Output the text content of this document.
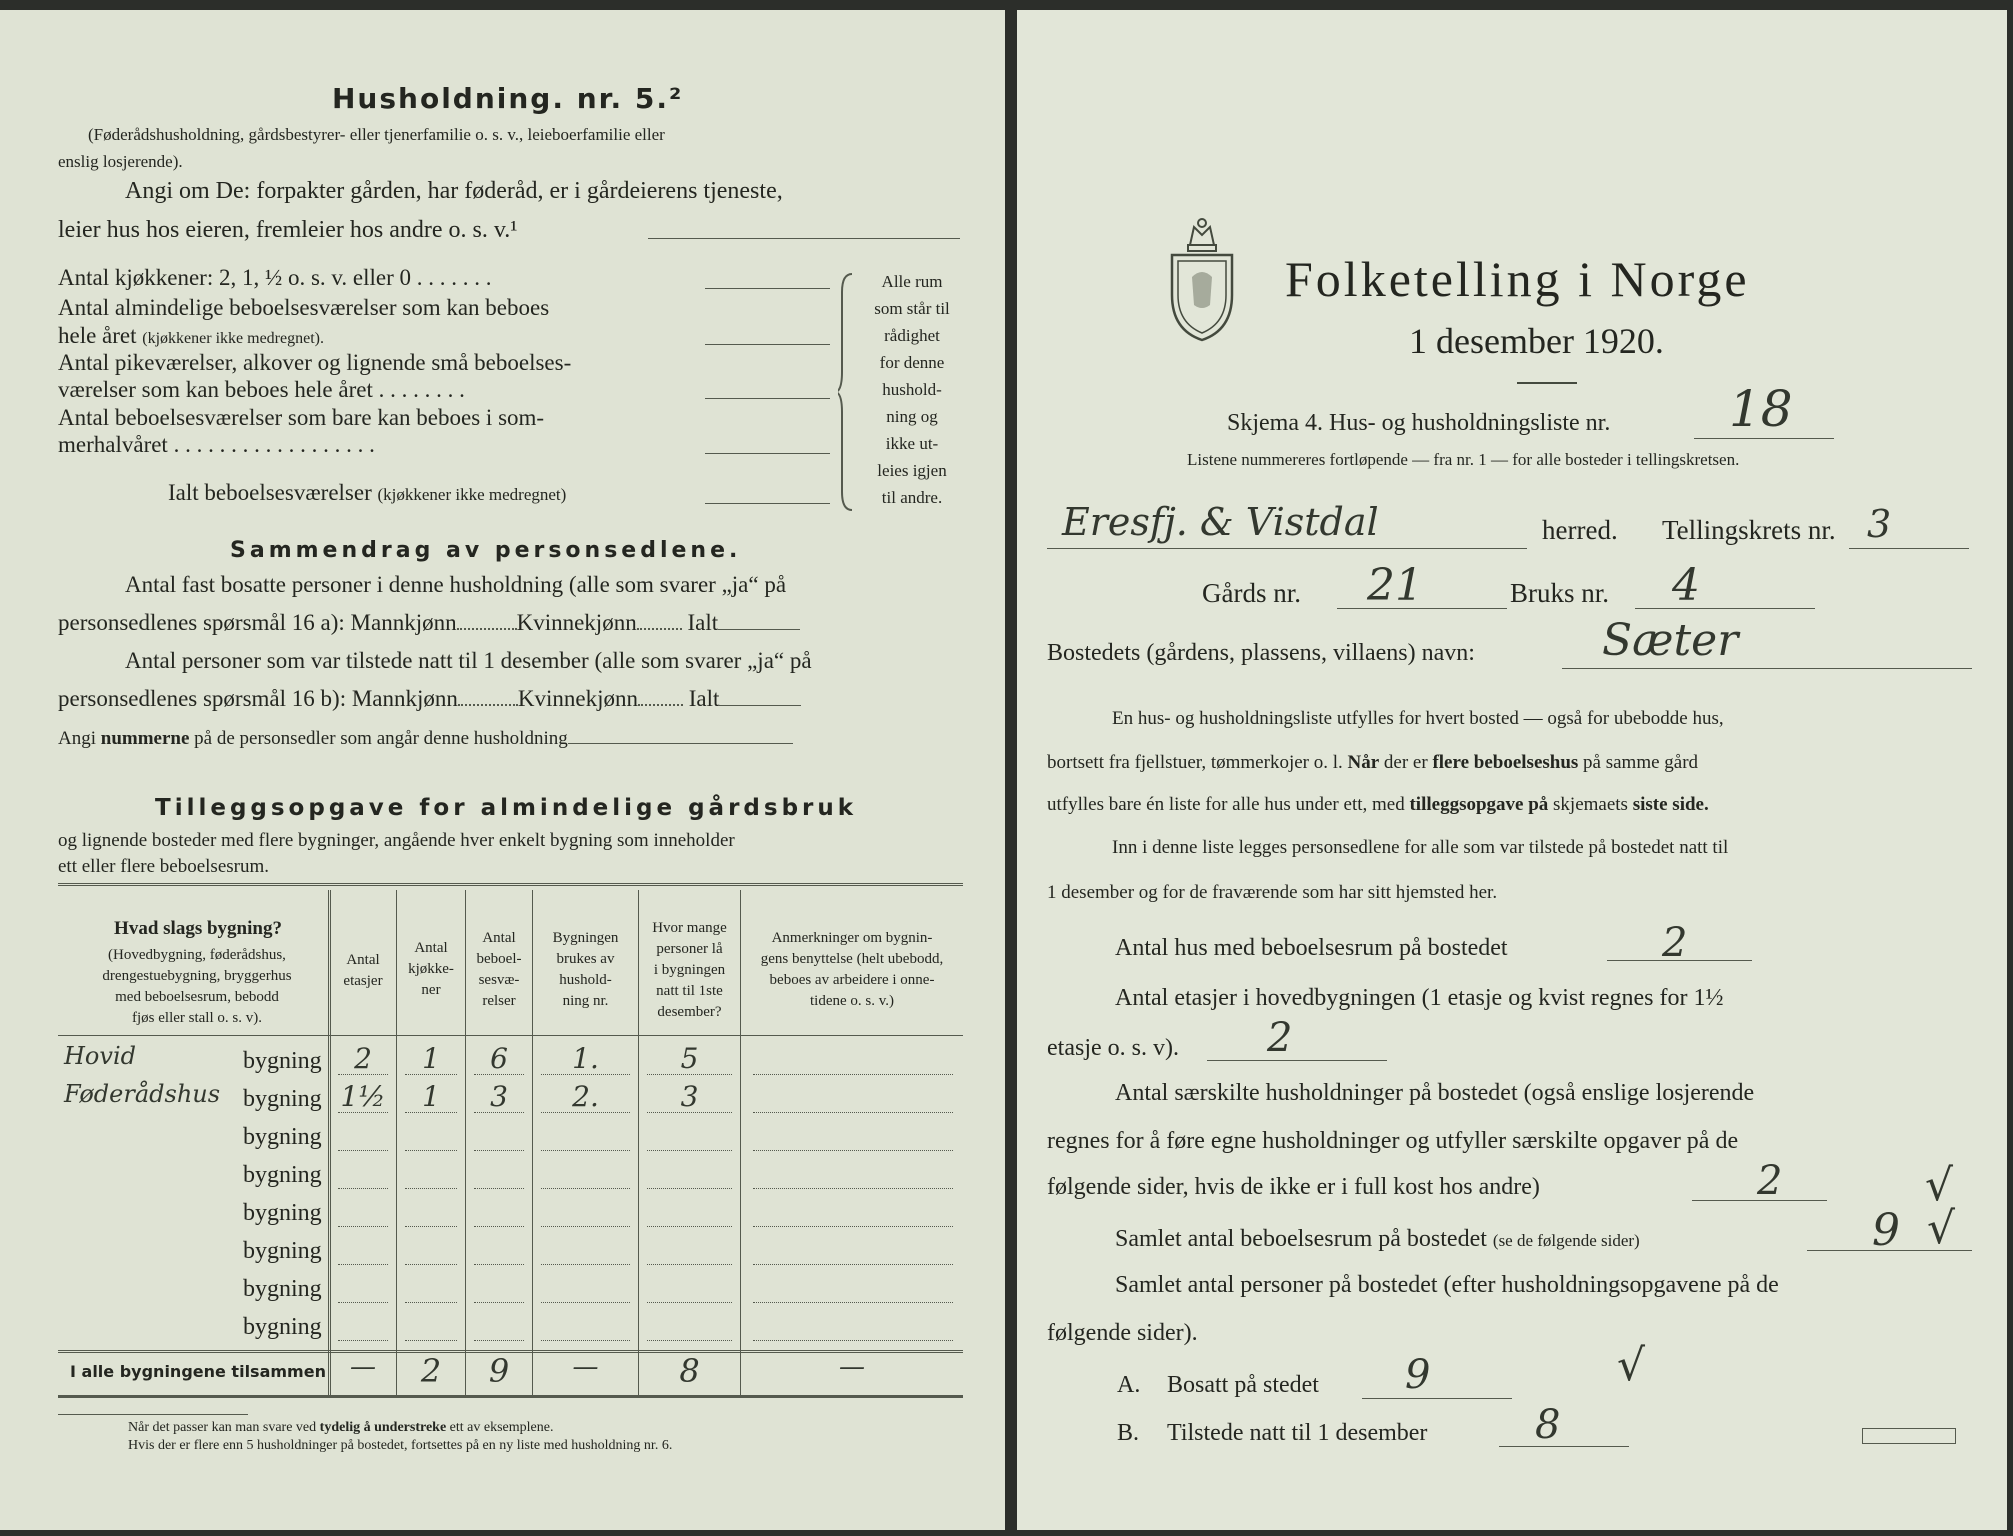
Husholdning. nr. 5.²
(Føderådshusholdning, gårdsbestyrer- eller tjenerfamilie o. s. v., leieboerfamilie eller
enslig losjerende).
Angi om De: forpakter gården, har føderåd, er i gårdeierens tjeneste,
leier hus hos eieren, fremleier hos andre o. s. v.¹
Antal kjøkkener: 2, 1, ½ o. s. v. eller 0 . . . . . . .
Antal almindelige beboelsesværelser som kan beboes
hele året (kjøkkener ikke medregnet).
Antal pikeværelser, alkover og lignende små beboelses-
værelser som kan beboes hele året . . . . . . . .
Antal beboelsesværelser som bare kan beboes i som-
merhalvåret . . . . . . . . . . . . . . . . . .
Ialt beboelsesværelser (kjøkkener ikke medregnet)
Alle rum
som står til
rådighet
for denne
hushold-
ning og
ikke ut-
leies igjen
til andre.
Sammendrag av personsedlene.
Antal fast bosatte personer i denne husholdning (alle som svarer „ja“ på
personsedlenes spørsmål 16 a): Mannkjønn	Kvinnekjønn Ialt
Antal personer som var tilstede natt til 1 desember (alle som svarer „ja“ på
personsedlenes spørsmål 16 b): Mannkjønn	Kvinnekjønn Ialt
Angi nummerne på de personsedler som angår denne husholdning
Tilleggsopgave for almindelige gårdsbruk
og lignende bosteder med flere bygninger, angående hver enkelt bygning som inneholder
ett eller flere beboelsesrum.
Hvad slags bygning?
(Hovedbygning, føderådshus,
drengestuebygning, bryggerhus
med beboelsesrum, bebodd
fjøs eller stall o. s. v).
Antal
etasjer
Antal
kjøkke-
ner
Antal
beboel-
sesvæ-
relser
Bygningen
brukes av
hushold-
ning nr.
Hvor mange
personer lå
i bygningen
natt til 1ste
desember?
Anmerkninger om bygnin-
gens benyttelse (helt ubebodd,
beboes av arbeidere i onne-
tidene o. s. v.)
Hovid	bygning	2	1	6	1.	5
Føderådshus bygning 1½	1	3	2.	3
bygning
bygning
bygning
bygning
bygning
bygning
I alle bygningene tilsammen —	2	9	—	8	—
Når det passer kan man svare ved tydelig å understreke ett av eksemplene.
Hvis der er flere enn 5 husholdninger på bostedet, fortsettes på en ny liste med husholdning nr. 6.
Folketelling i Norge
1 desember 1920.
Skjema 4. Hus- og husholdningsliste nr. 18
Listene nummereres fortløpende — fra nr. 1 — for alle bosteder i tellingskretsen.
Eresfj. & Vistdal	herred. Tellingskrets nr. 3
Gårds nr. 21	Bruks nr. 4
Bostedets (gårdens, plassens, villaens) navn:	Sæter
En hus- og husholdningsliste utfylles for hvert bosted — også for ubebodde hus,
bortsett fra fjellstuer, tømmerkojer o. l. Når der er flere beboelseshus på samme gård
utfylles bare én liste for alle hus under ett, med tilleggsopgave på skjemaets siste side.
Inn i denne liste legges personsedlene for alle som var tilstede på bostedet natt til
1 desember og for de fraværende som har sitt hjemsted her.
Antal hus med beboelsesrum på bostedet	2
Antal etasjer i hovedbygningen (1 etasje og kvist regnes for 1½
etasje o. s. v). 2
Antal særskilte husholdninger på bostedet (også enslige losjerende
regnes for å føre egne husholdninger og utfyller særskilte opgaver på de
følgende sider, hvis de ikke er i full kost hos andre)	2	√
Samlet antal beboelsesrum på bostedet (se de følgende sider)	9 √
Samlet antal personer på bostedet (efter husholdningsopgavene på de
følgende sider).
A. Bosatt på stedet 9	√
B. Tilstede natt til 1 desember	8
